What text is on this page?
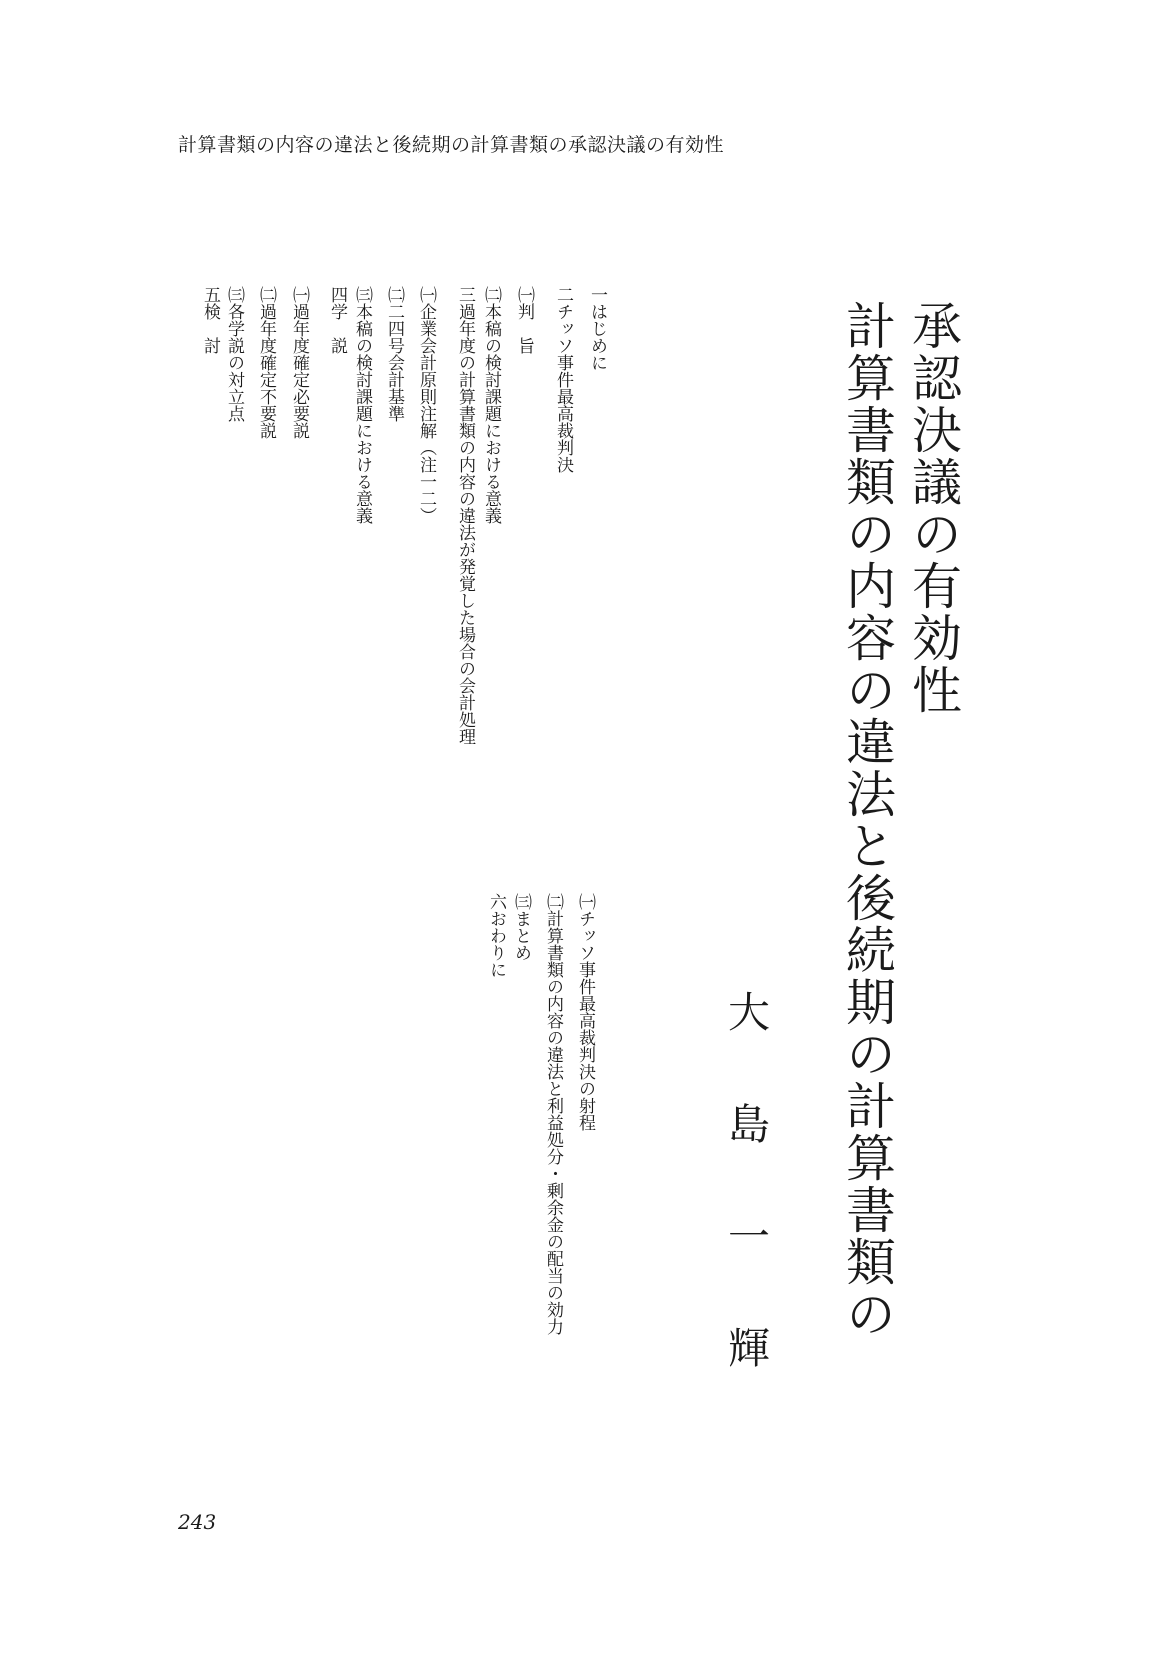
計算書類の内容の違法と後続期の計算書類の承認決議の有効性
計算書類の内容の違法と後続期の計算書類の 承認決議の有効性
大島一輝
一はじめに
二チッソ事件最高裁判決
㈠判　旨
㈡本稿の検討課題における意義
三過年度の計算書類の内容の違法が発覚した場合の会計処理
㈠企業会計原則注解（注一二）
㈡二四号会計基準
㈢本稿の検討課題における意義
四学　説
㈠過年度確定必要説
㈡過年度確定不要説
㈢各学説の対立点
五検　討
㈠チッソ事件最高裁判決の射程
㈡計算書類の内容の違法と利益処分・剰余金の配当の効力
㈢まとめ
六おわりに
243
